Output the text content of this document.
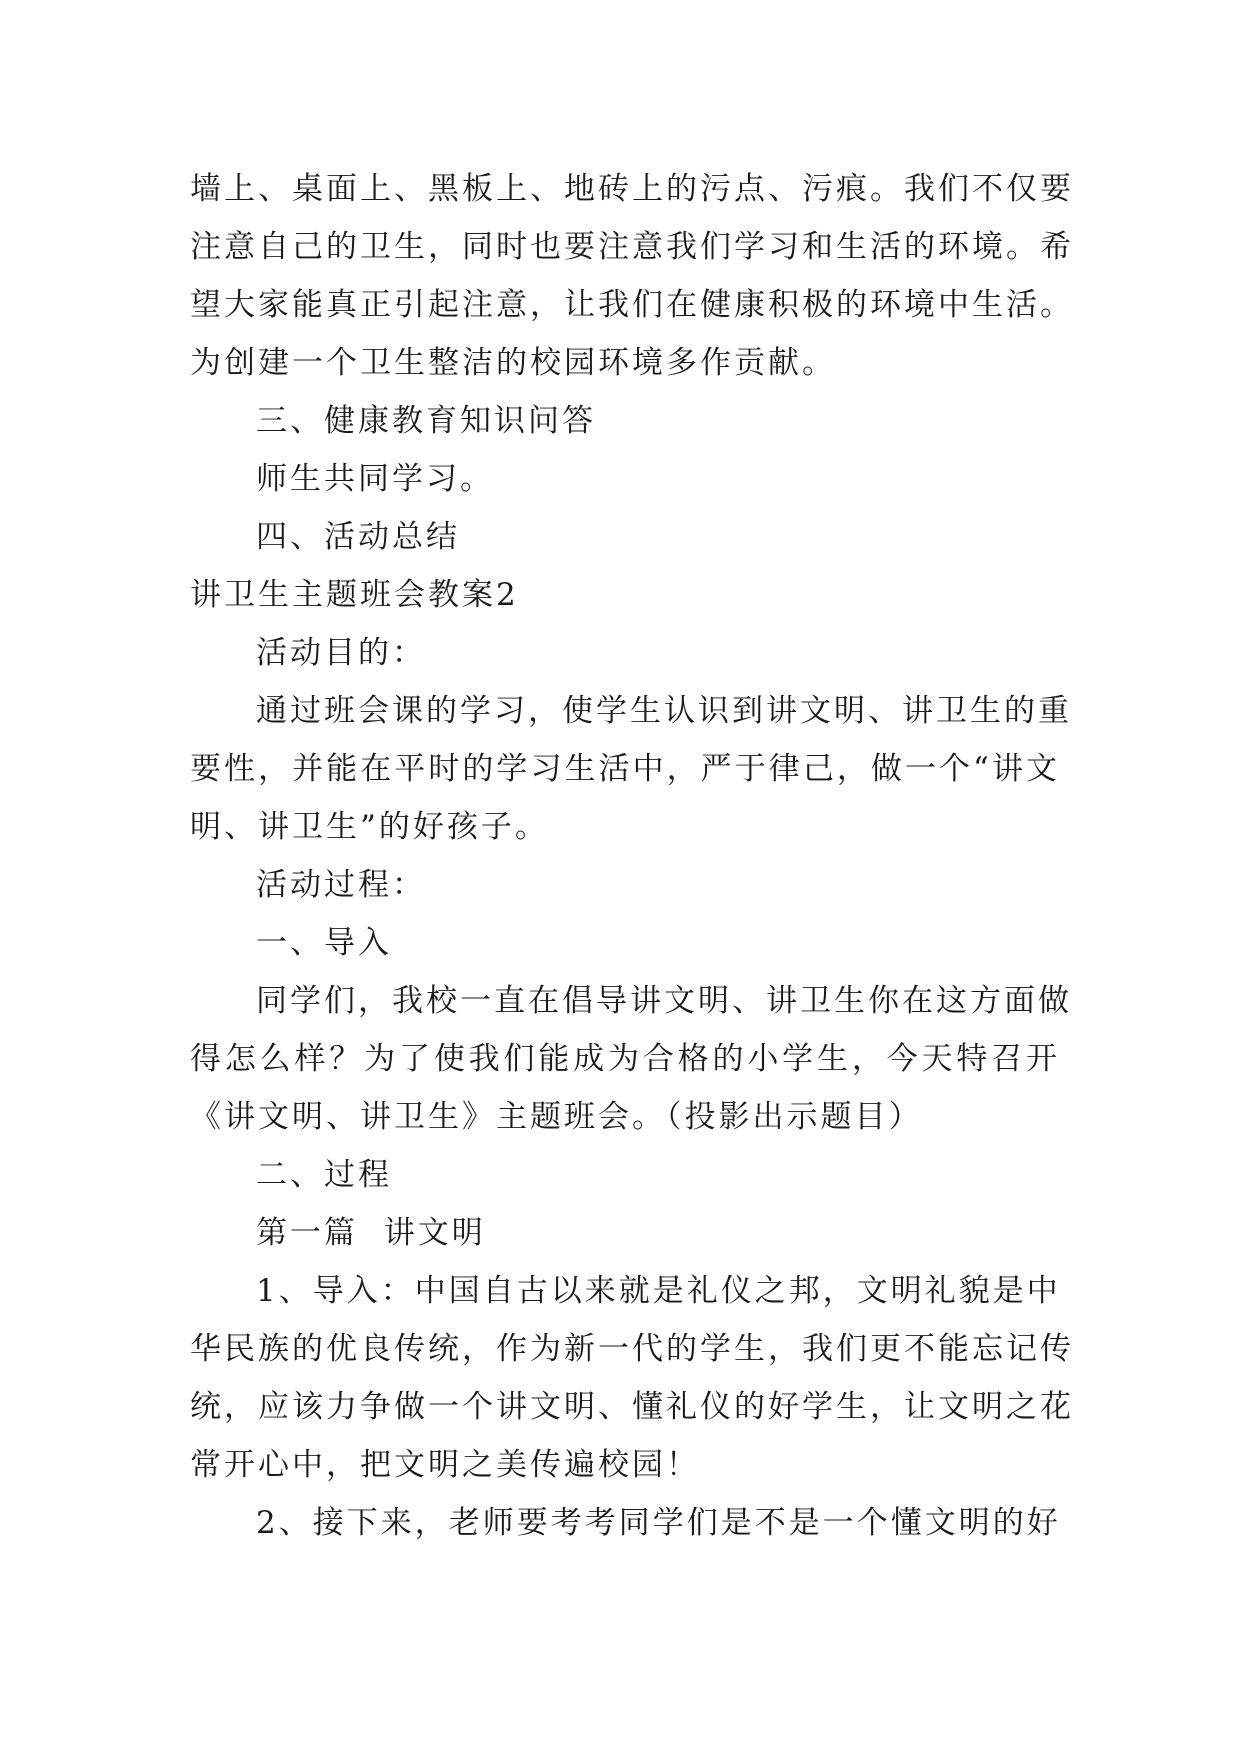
墙上、桌面上、黑板上、地砖上的污点、污痕。我们不仅要
注意自己的卫生，同时也要注意我们学习和生活的环境。希
望大家能真正引起注意，让我们在健康积极的环境中生活。
为创建一个卫生整洁的校园环境多作贡献。
三、健康教育知识问答
师生共同学习。
四、活动总结
讲卫生主题班会教案2
活动目的：
通过班会课的学习，使学生认识到讲文明、讲卫生的重
要性，并能在平时的学习生活中，严于律己，做一个“讲文
明、讲卫生”的好孩子。
活动过程：
一、导入
同学们，我校一直在倡导讲文明、讲卫生你在这方面做
得怎么样？为了使我们能成为合格的小学生，今天特召开
《讲文明、讲卫生》主题班会。（投影出示题目）
二、过程
第一篇  讲文明
1、导入：中国自古以来就是礼仪之邦，文明礼貌是中
华民族的优良传统，作为新一代的学生，我们更不能忘记传
统，应该力争做一个讲文明、懂礼仪的好学生，让文明之花
常开心中，把文明之美传遍校园！
2、接下来，老师要考考同学们是不是一个懂文明的好
